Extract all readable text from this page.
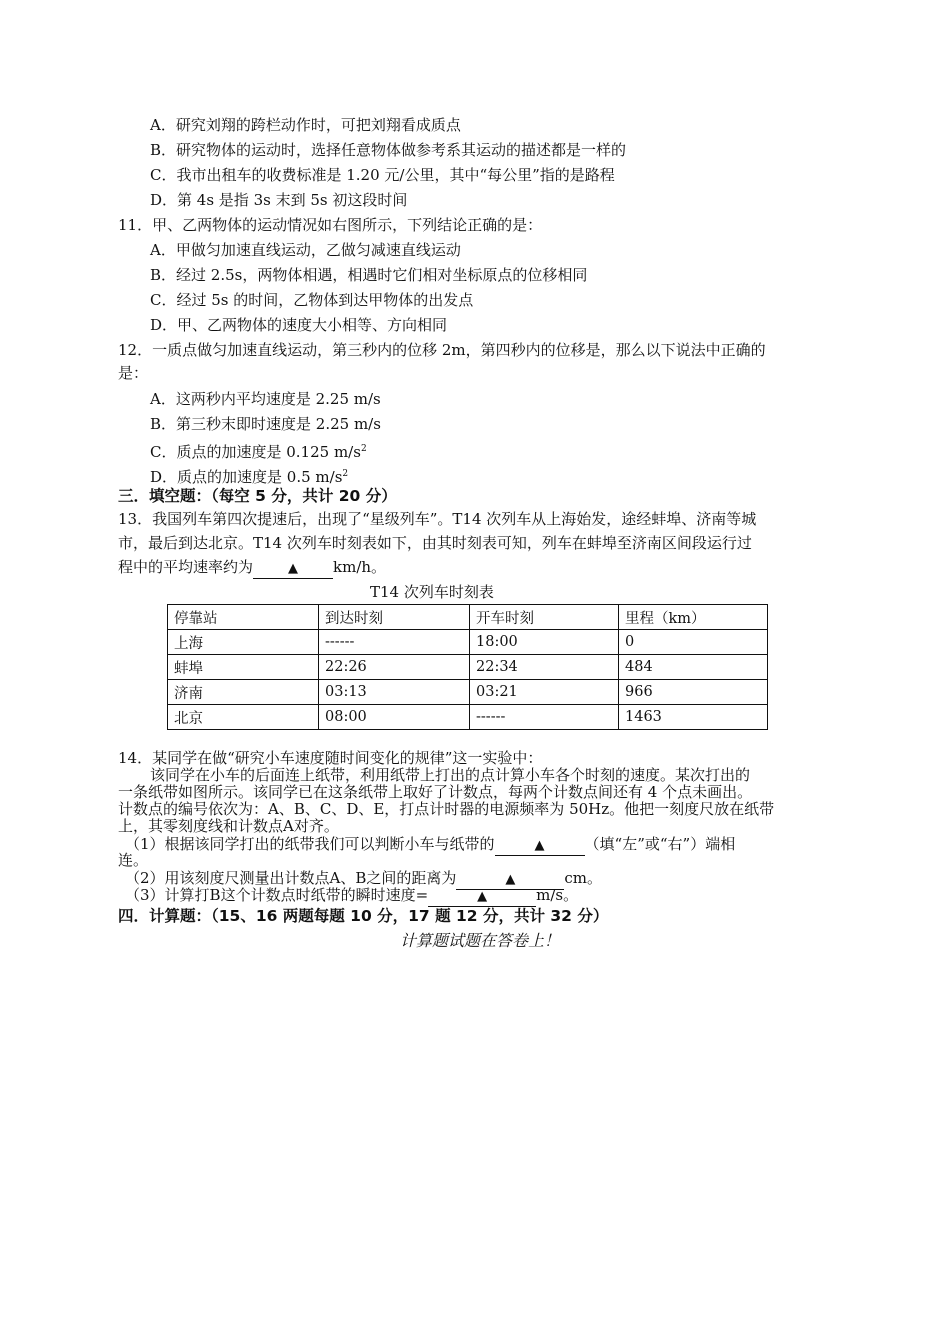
A．研究刘翔的跨栏动作时，可把刘翔看成质点
B．研究物体的运动时，选择任意物体做参考系其运动的描述都是一样的
C．我市出租车的收费标准是 1.20 元/公里，其中“每公里”指的是路程
D．第 4s 是指 3s 末到 5s 初这段时间
11．甲、乙两物体的运动情况如右图所示，下列结论正确的是：
A．甲做匀加速直线运动，乙做匀减速直线运动
B．经过 2.5s，两物体相遇，相遇时它们相对坐标原点的位移相同
C．经过 5s 的时间，乙物体到达甲物体的出发点
D．甲、乙两物体的速度大小相等、方向相同
12．一质点做匀加速直线运动，第三秒内的位移 2m，第四秒内的位移是，那么以下说法中正确的
是：
A．这两秒内平均速度是 2.25 m/s
B．第三秒末即时速度是 2.25 m/s
C．质点的加速度是 0.125 $m/s^2$
D．质点的加速度是 0.5 $m/s^2$
三．填空题：（每空 5 分，共计 20 分）
13．我国列车第四次提速后，出现了“星级列车”。T14 次列车从上海始发，途经蚌埠、济南等城
市，最后到达北京。T14 次列车时刻表如下，由其时刻表可知，列车在蚌埠至济南区间段运行过
程中的平均速率约为	▲ km/h。
T14 次列车时刻表
停靠站	到达时刻	开车时刻	里程（km）
上海	------	18:00	0
蚌埠	22:26	22:34	484
济南	03:13	03:21	966
北京	08:00	------	1463
14．某同学在做“研究小车速度随时间变化的规律”这一实验中：
该同学在小车的后面连上纸带，利用纸带上打出的点计算小车各个时刻的速度。某次打出的
一条纸带如图所示。该同学已在这条纸带上取好了计数点，每两个计数点间还有 4 个点未画出。
计数点的编号依次为：A、B、C、D、E，打点计时器的电源频率为 50Hz。他把一刻度尺放在纸带
上，其零刻度线和计数点A对齐。
（1）根据该同学打出的纸带我们可以判断小车与纸带的	▲	（填“左”或“右”）端相
连。
（2）用该刻度尺测量出计数点A、B之间的距离为	▲	cm。
（3）计算打B这个计数点时纸带的瞬时速度=	▲	m/s。
四．计算题：（15、16 两题每题 10 分，17 题 12 分，共计 32 分）
计算题试题在答卷上！
